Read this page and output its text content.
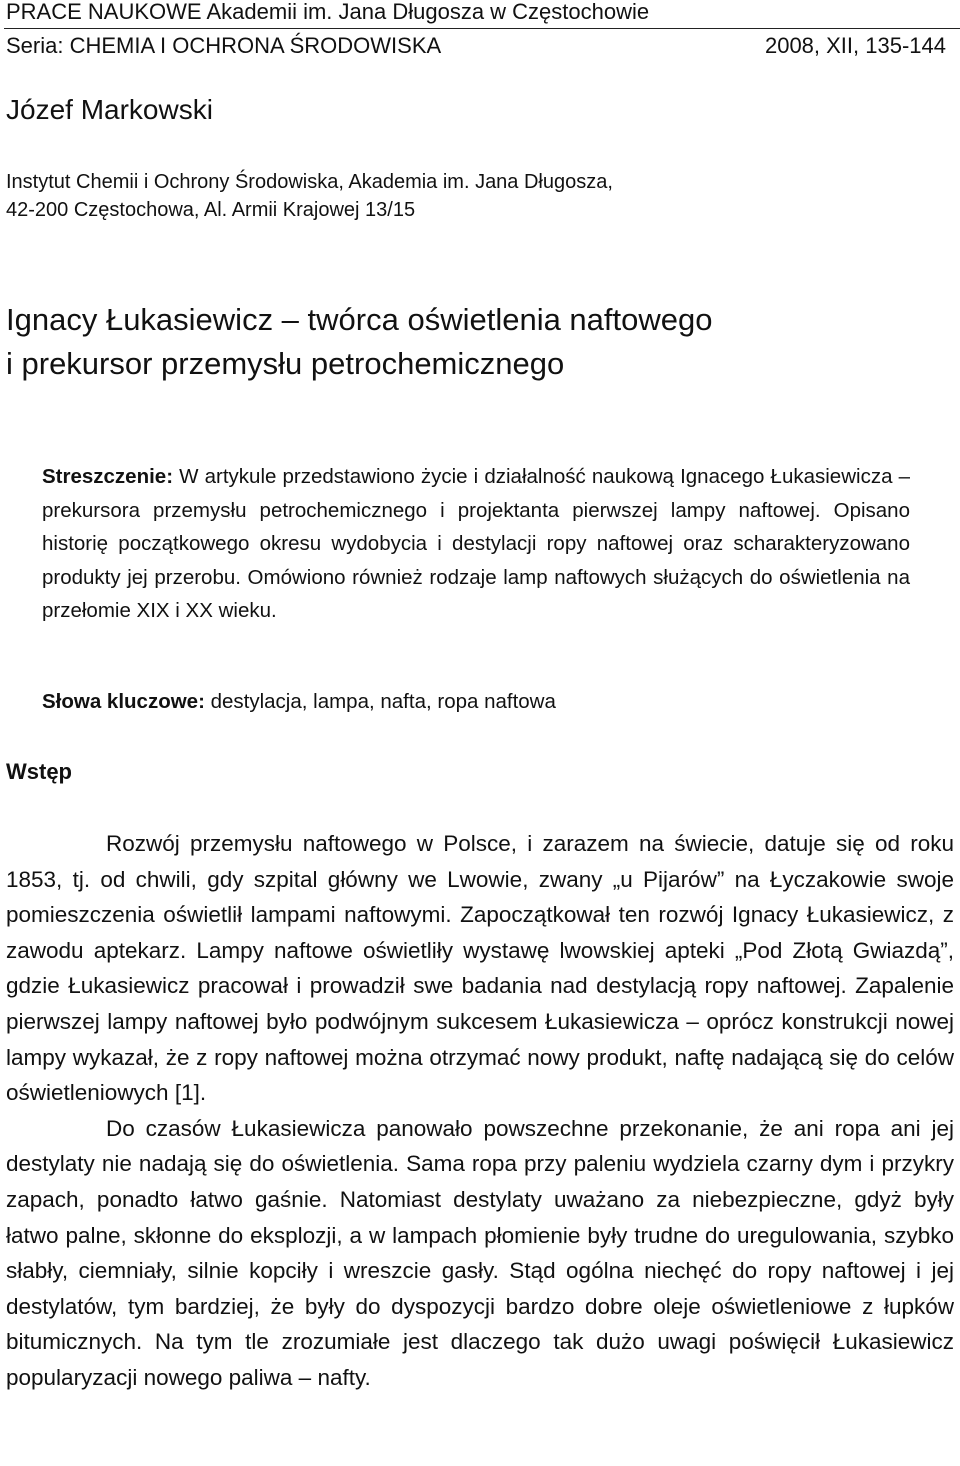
PRACE NAUKOWE Akademii im. Jana Długosza w Częstochowie
Seria: CHEMIA I OCHRONA ŚRODOWISKA	2008, XII, 135-144
Józef Markowski
Instytut Chemii i Ochrony Środowiska, Akademia im. Jana Długosza,
42-200 Częstochowa, Al. Armii Krajowej 13/15
Ignacy Łukasiewicz – twórca oświetlenia naftowego
i prekursor przemysłu petrochemicznego
Streszczenie: W artykule przedstawiono życie i działalność naukową Ignacego Łukasiewicza – prekursora przemysłu petrochemicznego i projektanta pierwszej lampy naftowej. Opisano historię początkowego okresu wydobycia i destylacji ropy naftowej oraz scharakteryzowano produkty jej przerobu. Omówiono również rodzaje lamp naftowych służących do oświetlenia na przełomie XIX i XX wieku.
Słowa kluczowe: destylacja, lampa, nafta, ropa naftowa
Wstęp

Rozwój przemysłu naftowego w Polsce, i zarazem na świecie, datuje się od roku 1853, tj. od chwili, gdy szpital główny we Lwowie, zwany „u Pijarów” na Łyczakowie swoje pomieszczenia oświetlił lampami naftowymi. Zapoczątkował ten rozwój Ignacy Łukasiewicz, z zawodu aptekarz. Lampy naftowe oświetliły wystawę lwowskiej apteki „Pod Złotą Gwiazdą”, gdzie Łukasiewicz pracował i prowadził swe badania nad destylacją ropy naftowej. Zapalenie pierwszej lampy naftowej było podwójnym sukcesem Łukasiewicza – oprócz konstrukcji nowej lampy wykazał, że z ropy naftowej można otrzymać nowy produkt, naftę nadającą się do celów oświetleniowych [1].

Do czasów Łukasiewicza panowało powszechne przekonanie, że ani ropa ani jej destylaty nie nadają się do oświetlenia. Sama ropa przy paleniu wydziela czarny dym i przykry zapach, ponadto łatwo gaśnie. Natomiast destylaty uważano za niebezpieczne, gdyż były łatwo palne, skłonne do eksplozji, a w lampach płomienie były trudne do uregulowania, szybko słabły, ciemniały, silnie kopciły i wreszcie gasły. Stąd ogólna niechęć do ropy naftowej i jej destylatów, tym bardziej, że były do dyspozycji bardzo dobre oleje oświetleniowe z łupków bitumicznych. Na tym tle zrozumiałe jest dlaczego tak dużo uwagi poświęcił Łukasiewicz popularyzacji nowego paliwa – nafty.
